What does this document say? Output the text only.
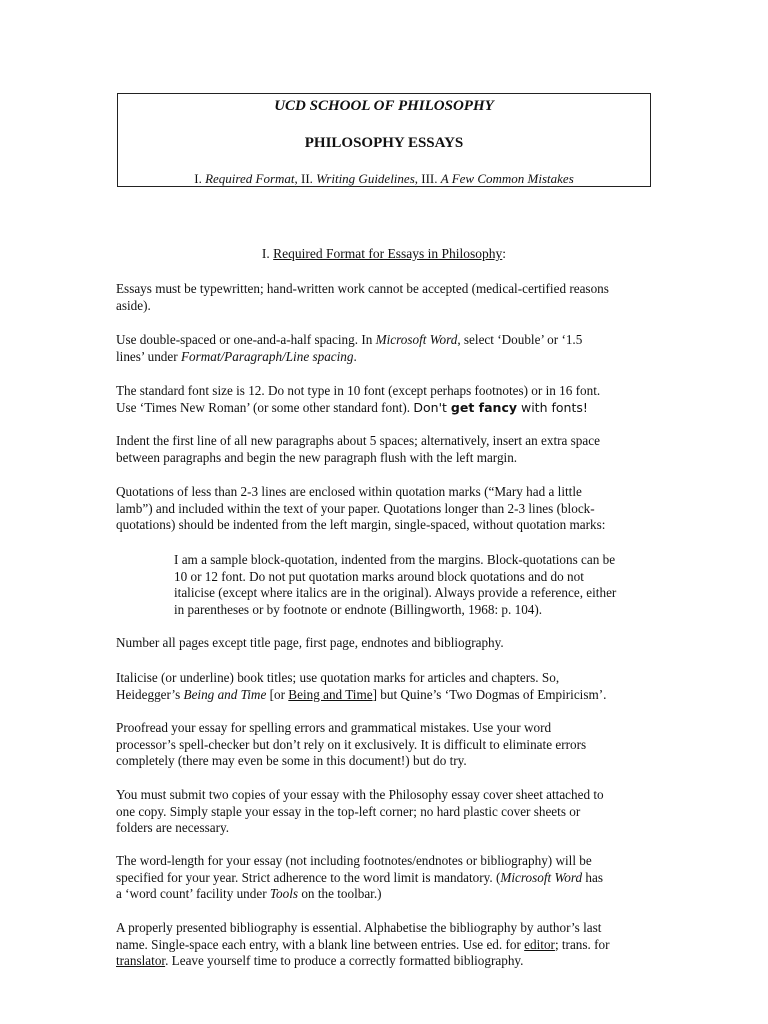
UCD SCHOOL OF PHILOSOPHY
PHILOSOPHY ESSAYS
I. Required Format, II. Writing Guidelines, III. A Few Common Mistakes
I. Required Format for Essays in Philosophy:
Essays must be typewritten; hand-written work cannot be accepted (medical-certified reasons
aside).
Use double-spaced or one-and-a-half spacing. In Microsoft Word, select ‘Double’ or ‘1.5
lines’ under Format/Paragraph/Line spacing.
The standard font size is 12. Do not type in 10 font (except perhaps footnotes) or in 16 font.
Use ‘Times New Roman’ (or some other standard font). Don't get fancy with fonts!
Indent the first line of all new paragraphs about 5 spaces; alternatively, insert an extra space
between paragraphs and begin the new paragraph flush with the left margin.
Quotations of less than 2-3 lines are enclosed within quotation marks (“Mary had a little
lamb”) and included within the text of your paper. Quotations longer than 2-3 lines (block-
quotations) should be indented from the left margin, single-spaced, without quotation marks:
I am a sample block-quotation, indented from the margins. Block-quotations can be
10 or 12 font. Do not put quotation marks around block quotations and do not
italicise (except where italics are in the original). Always provide a reference, either
in parentheses or by footnote or endnote (Billingworth, 1968: p. 104).
Number all pages except title page, first page, endnotes and bibliography.
Italicise (or underline) book titles; use quotation marks for articles and chapters. So,
Heidegger’s Being and Time [or Being and Time] but Quine’s ‘Two Dogmas of Empiricism’.
Proofread your essay for spelling errors and grammatical mistakes. Use your word
processor’s spell-checker but don’t rely on it exclusively. It is difficult to eliminate errors
completely (there may even be some in this document!) but do try.
You must submit two copies of your essay with the Philosophy essay cover sheet attached to
one copy. Simply staple your essay in the top-left corner; no hard plastic cover sheets or
folders are necessary.
The word-length for your essay (not including footnotes/endnotes or bibliography) will be
specified for your year. Strict adherence to the word limit is mandatory. (Microsoft Word has
a ‘word count’ facility under Tools on the toolbar.)
A properly presented bibliography is essential. Alphabetise the bibliography by author’s last
name. Single-space each entry, with a blank line between entries. Use ed. for editor; trans. for
translator. Leave yourself time to produce a correctly formatted bibliography.
